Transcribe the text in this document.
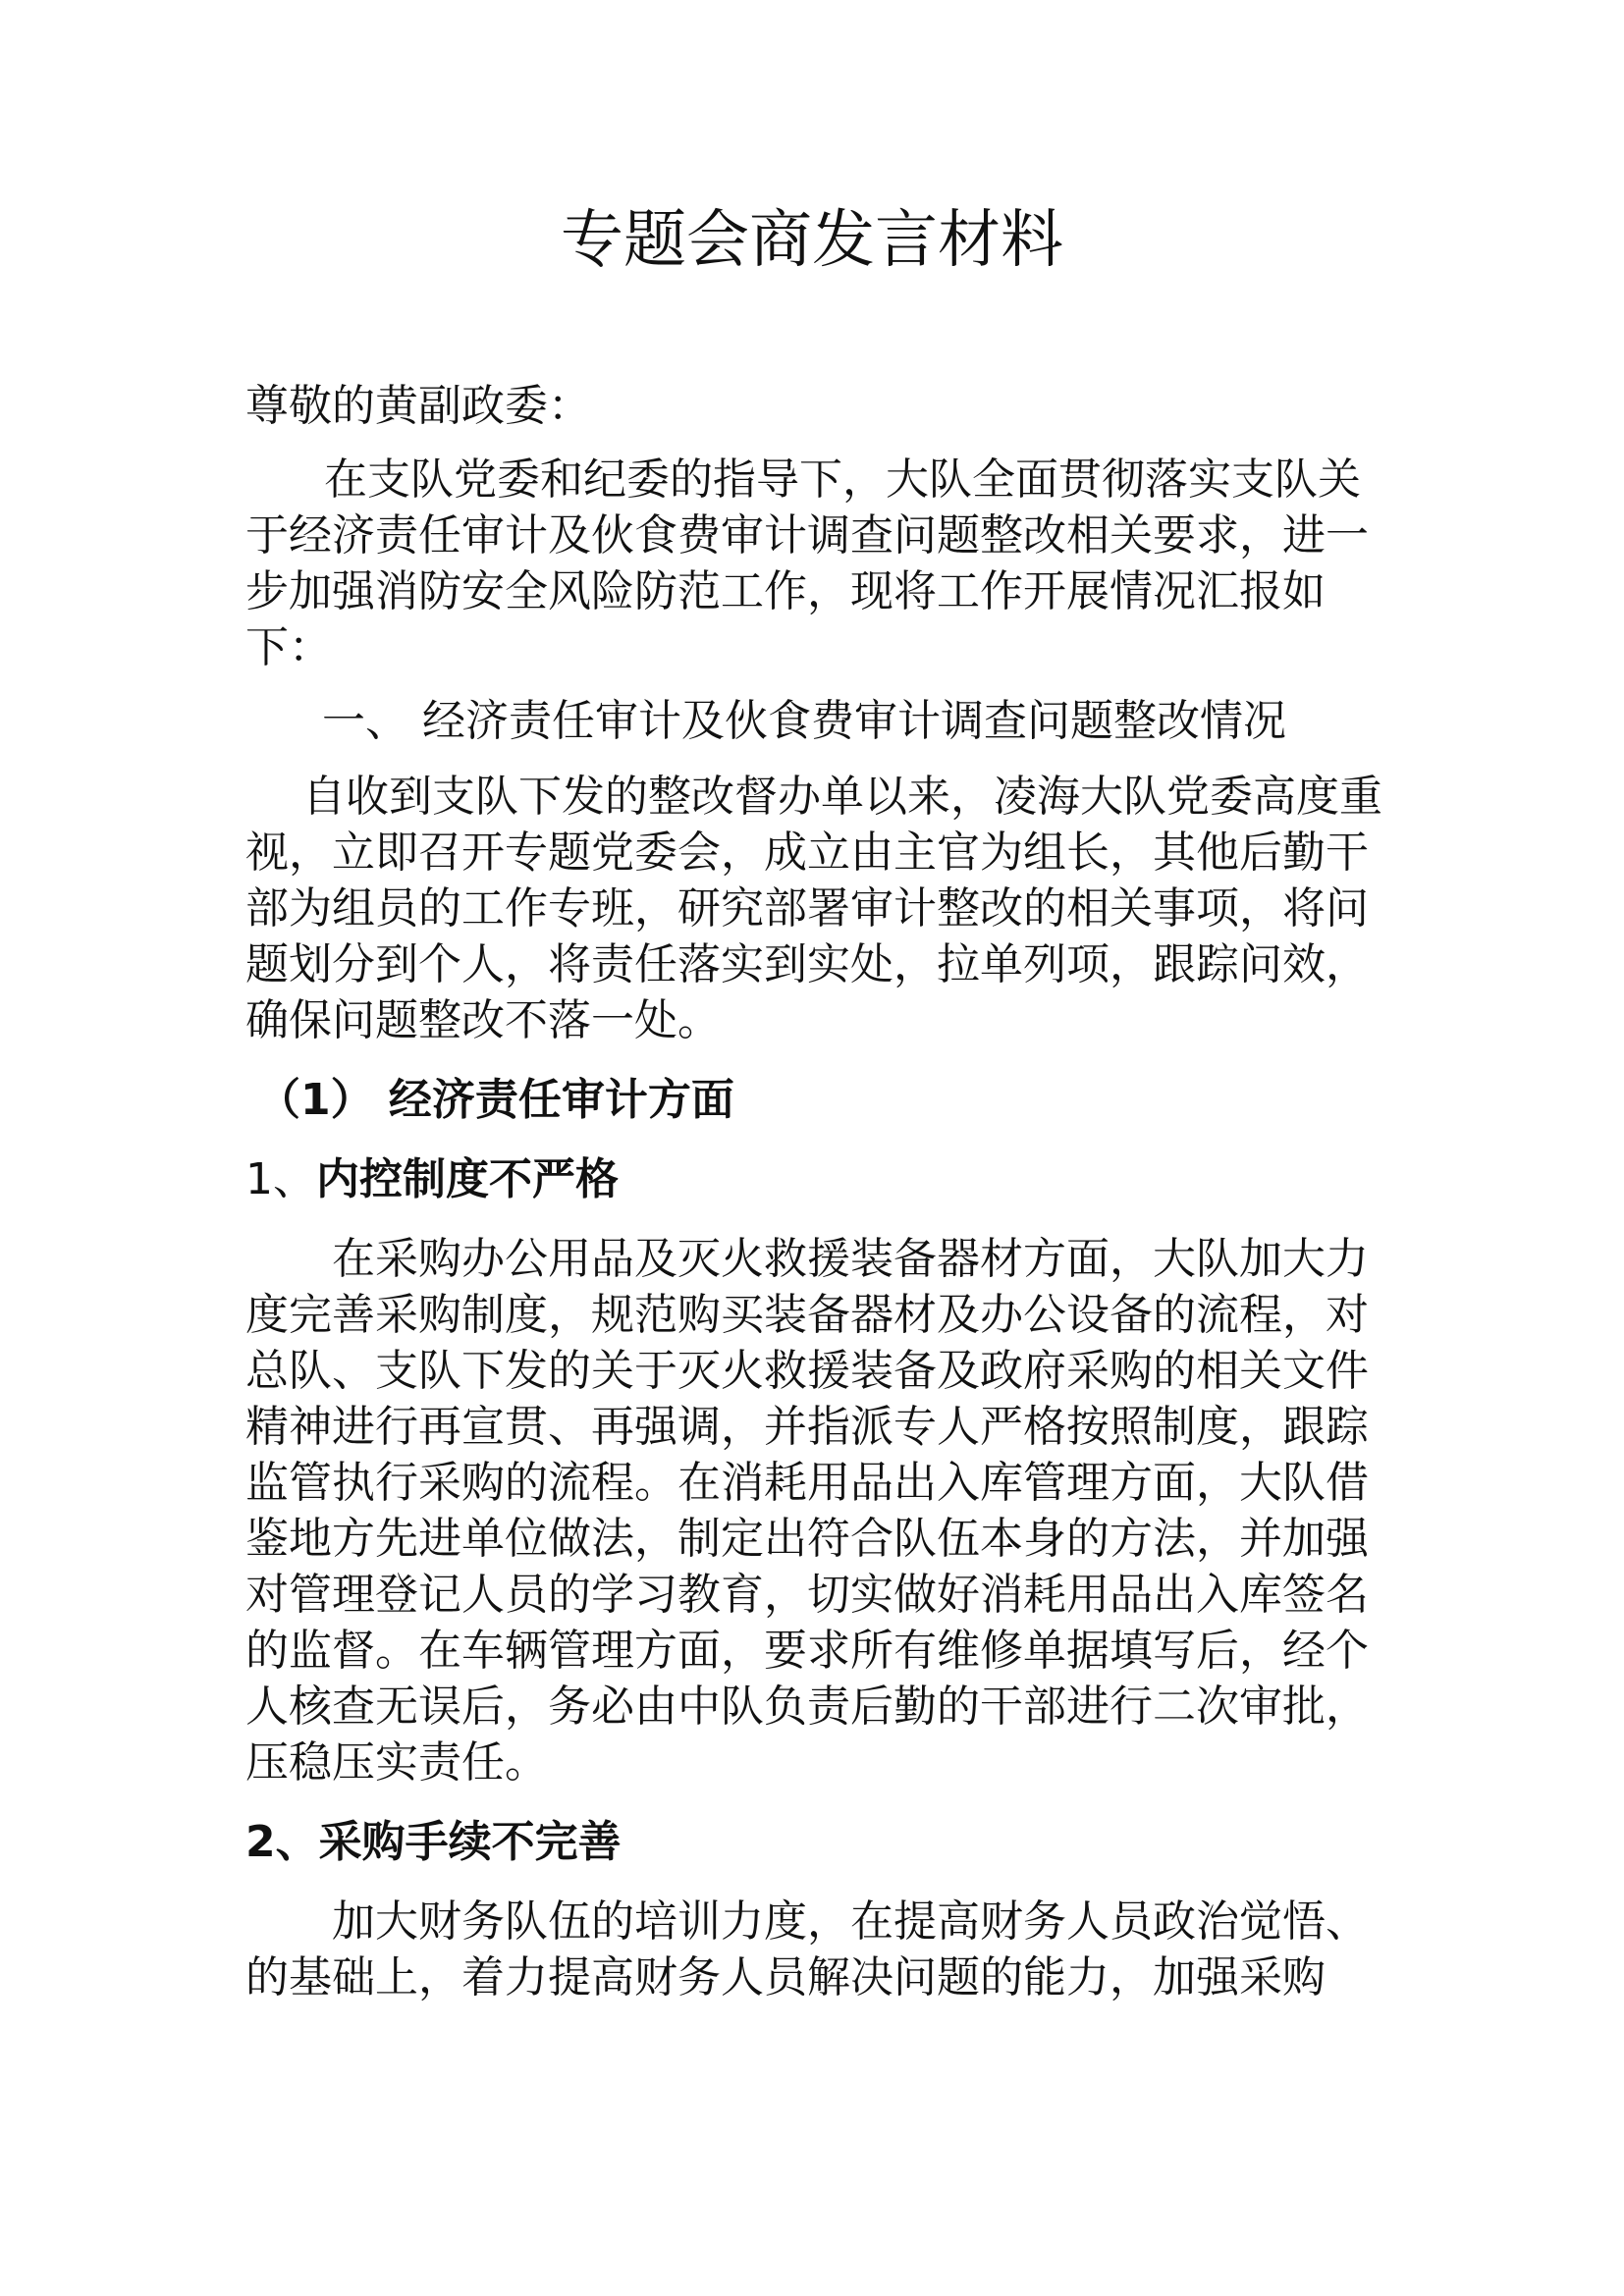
专题会商发言材料

尊敬的黄副政委：

在支队党委和纪委的指导下，大队全面贯彻落实支队关于经济责任审计及伙食费审计调查问题整改相关要求，进一步加强消防安全风险防范工作，现将工作开展情况汇报如下：

一、 经济责任审计及伙食费审计调查问题整改情况

自收到支队下发的整改督办单以来，凌海大队党委高度重视，立即召开专题党委会，成立由主官为组长，其他后勤干部为组员的工作专班，研究部署审计整改的相关事项，将问题划分到个人，将责任落实到实处，拉单列项，跟踪问效，确保问题整改不落一处。

（1） 经济责任审计方面

1、内控制度不严格

在采购办公用品及灭火救援装备器材方面，大队加大力度完善采购制度，规范购买装备器材及办公设备的流程，对总队、支队下发的关于灭火救援装备及政府采购的相关文件精神进行再宣贯、再强调，并指派专人严格按照制度，跟踪监管执行采购的流程。在消耗用品出入库管理方面，大队借鉴地方先进单位做法，制定出符合队伍本身的方法，并加强对管理登记人员的学习教育，切实做好消耗用品出入库签名的监督。在车辆管理方面，要求所有维修单据填写后，经个人核查无误后，务必由中队负责后勤的干部进行二次审批，压稳压实责任。

2、采购手续不完善

加大财务队伍的培训力度，在提高财务人员政治觉悟、的基础上，着力提高财务人员解决问题的能力，加强采购
